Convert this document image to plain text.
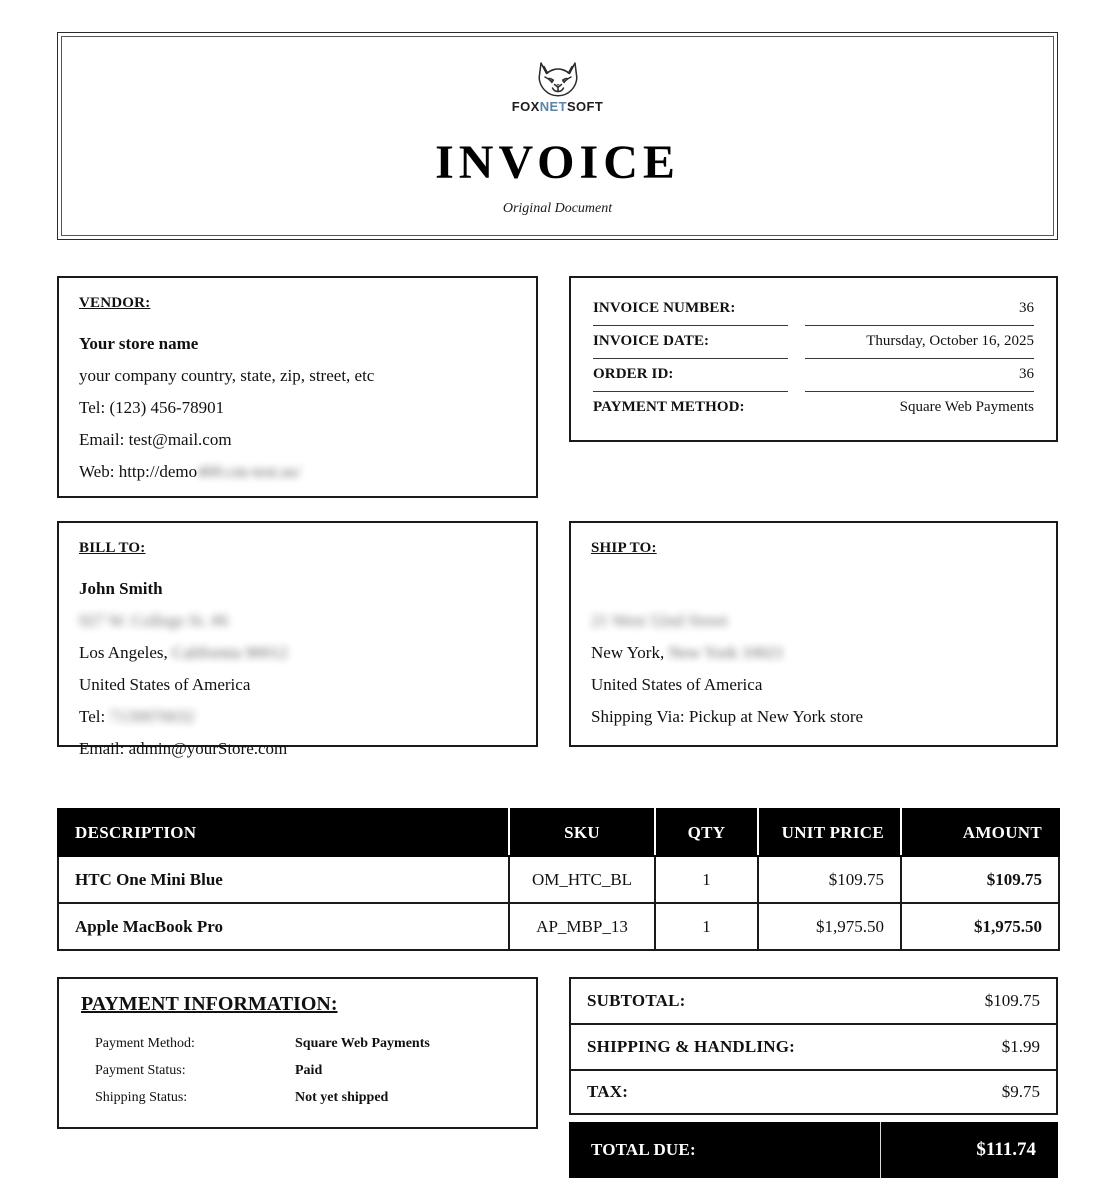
FOXNETSOFT
INVOICE
Original Document
VENDOR:
Your store name
your company country, state, zip, street, etc
Tel: (123) 456-78901
Email: test@mail.com
Web: http://demo400.cm-test.us/
INVOICE NUMBER:	36
INVOICE DATE:	Thursday, October 16, 2025
ORDER ID:	36
PAYMENT METHOD:	Square Web Payments
BILL TO:
John Smith
927 W. College St. #6
Los Angeles, California 90012
United States of America
Tel: 7139970032
Email: admin@yourStore.com
SHIP TO:

21 West 52nd Street
New York, New York 10021
United States of America
Shipping Via: Pickup at New York store
DESCRIPTION	SKU	QTY	UNIT PRICE	AMOUNT
HTC One Mini Blue	OM_HTC_BL	1	$109.75	$109.75
Apple MacBook Pro	AP_MBP_13	1	$1,975.50	$1,975.50
PAYMENT INFORMATION:
Payment Method:	Square Web Payments
Payment Status:	Paid
Shipping Status:	Not yet shipped
SUBTOTAL:	$109.75
SHIPPING & HANDLING:	$1.99
TAX:	$9.75
TOTAL DUE:	$111.74
